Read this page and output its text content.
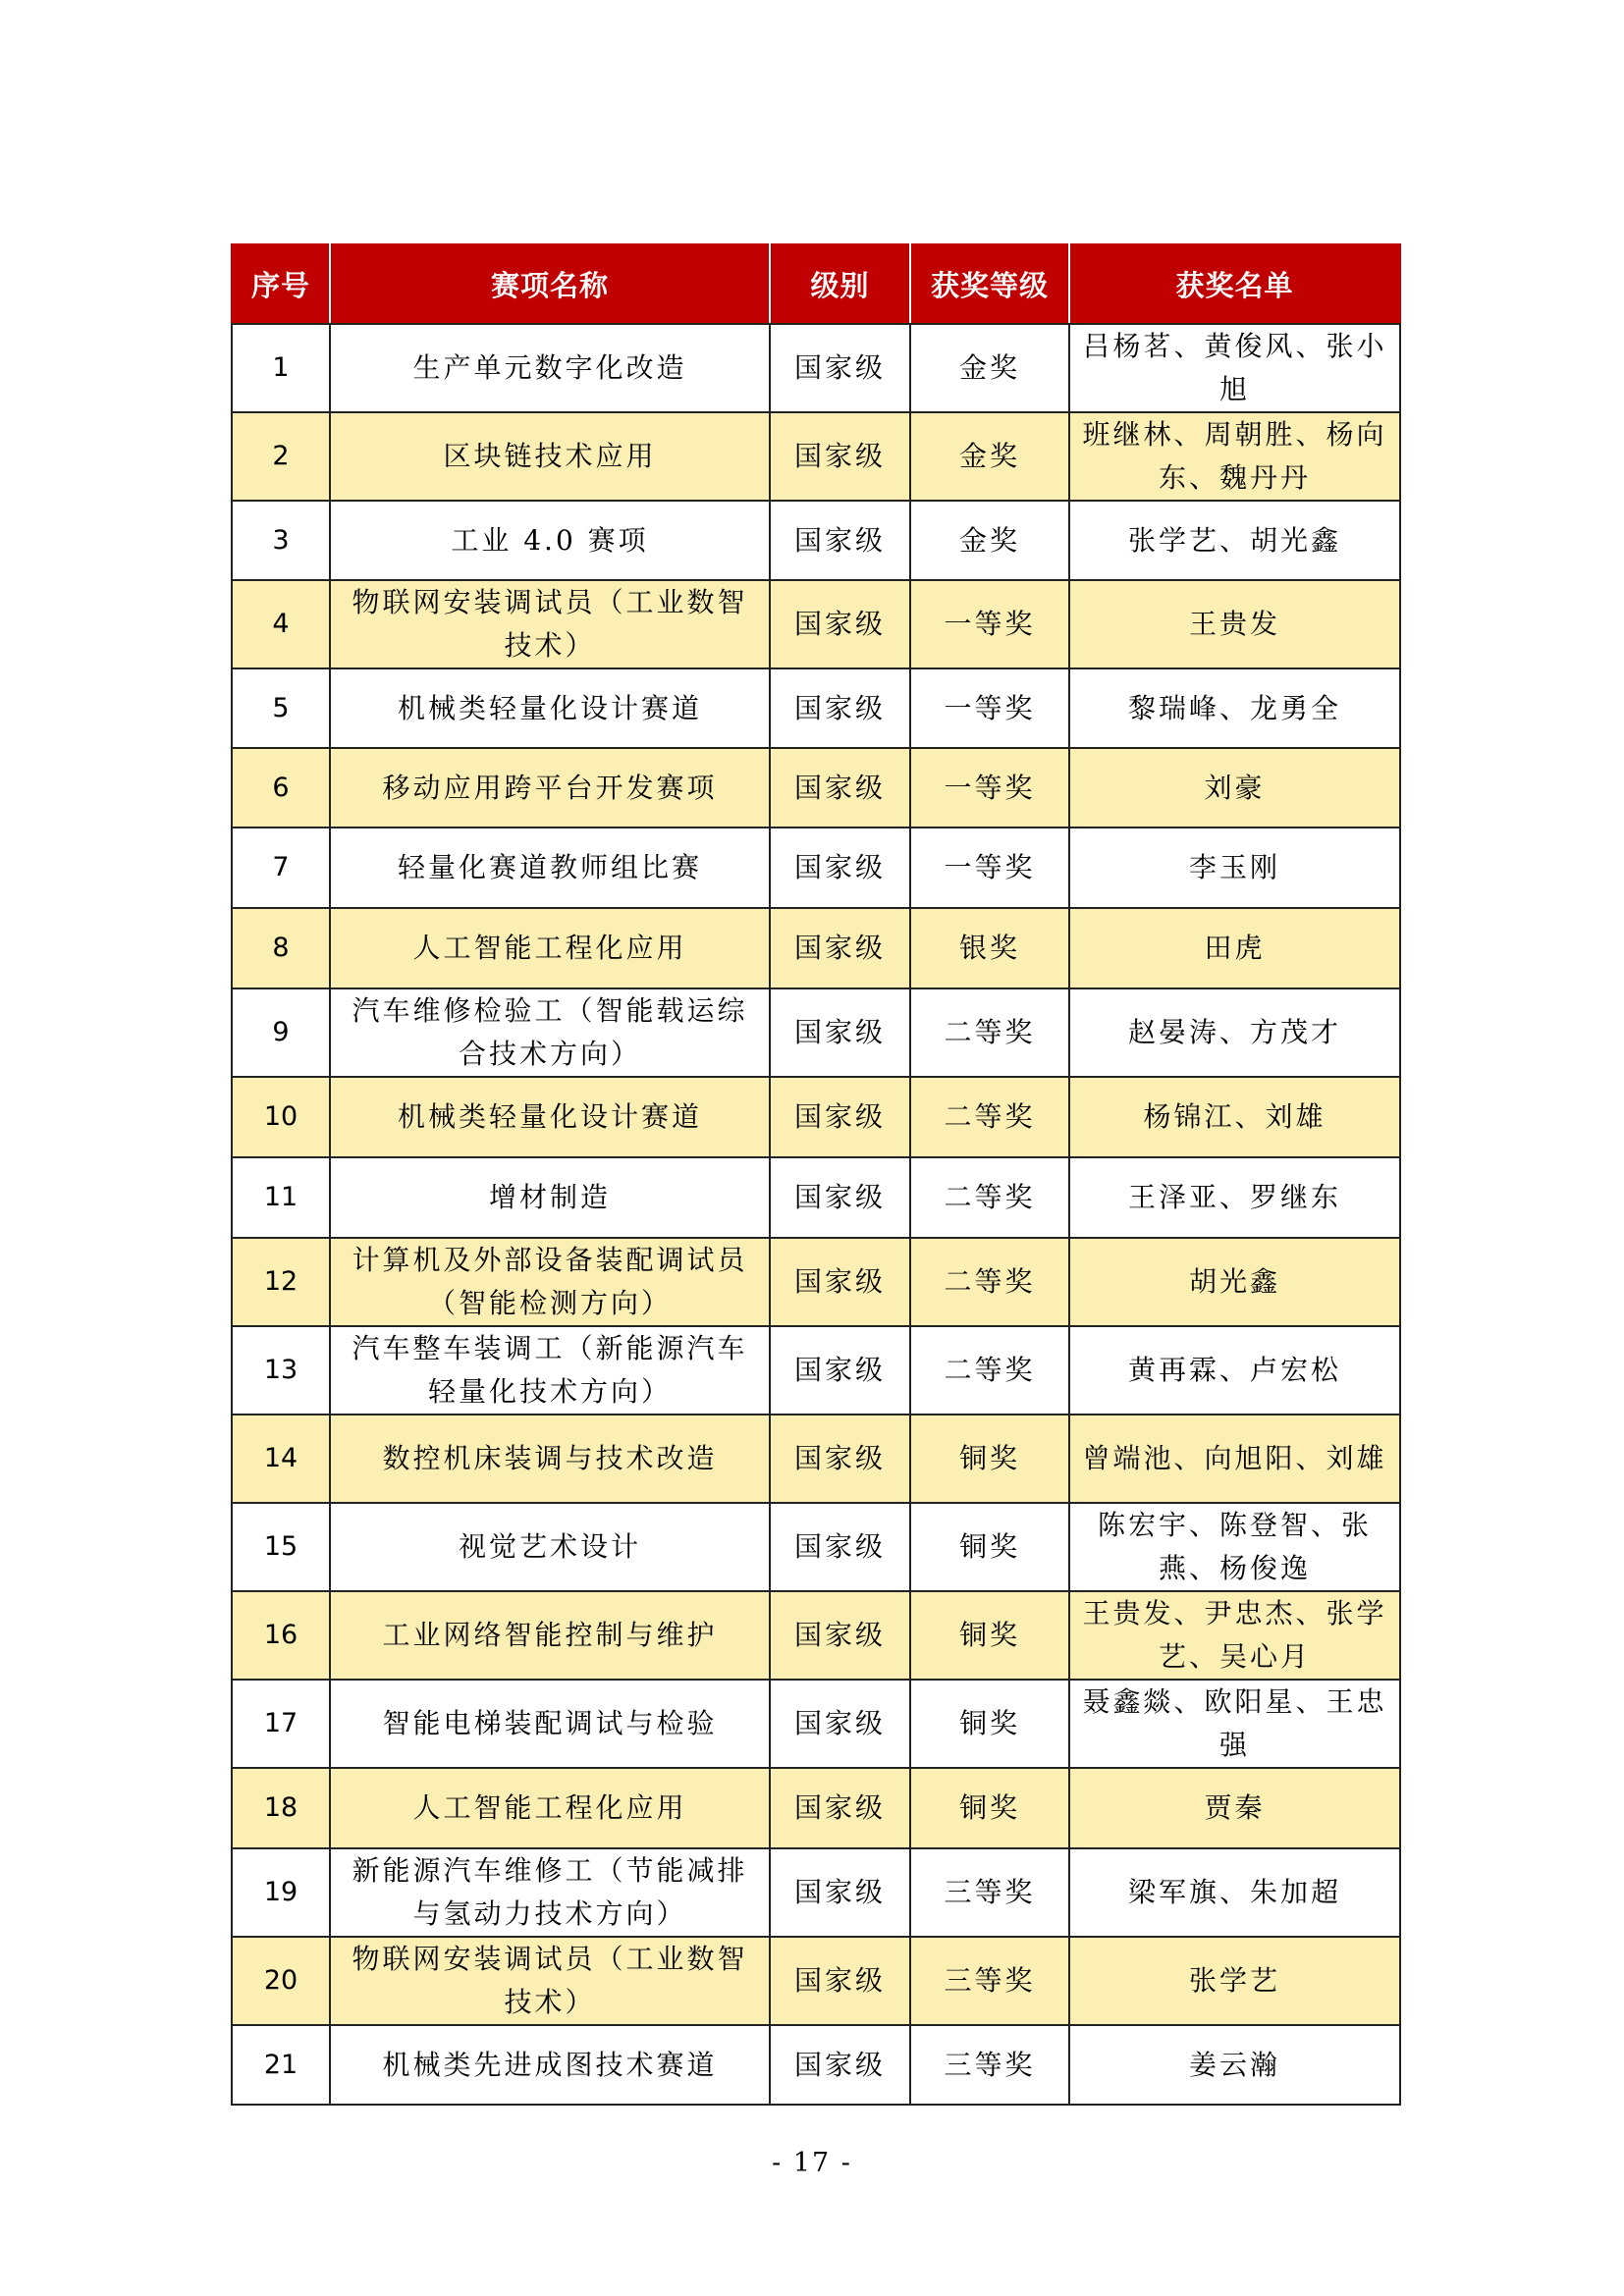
序号	赛项名称	级别	获奖等级	获奖名单
1	生产单元数字化改造	国家级	金奖	吕杨茗、黄俊风、张小旭
2	区块链技术应用	国家级	金奖	班继林、周朝胜、杨向东、魏丹丹
3	工业 4.0 赛项	国家级	金奖	张学艺、胡光鑫
4	物联网安装调试员（工业数智技术）	国家级	一等奖	王贵发
5	机械类轻量化设计赛道	国家级	一等奖	黎瑞峰、龙勇全
6	移动应用跨平台开发赛项	国家级	一等奖	刘豪
7	轻量化赛道教师组比赛	国家级	一等奖	李玉刚
8	人工智能工程化应用	国家级	银奖	田虎
9	汽车维修检验工（智能载运综合技术方向）	国家级	二等奖	赵晏涛、方茂才
10	机械类轻量化设计赛道	国家级	二等奖	杨锦江、刘雄
11	增材制造	国家级	二等奖	王泽亚、罗继东
12	计算机及外部设备装配调试员（智能检测方向）	国家级	二等奖	胡光鑫
13	汽车整车装调工（新能源汽车轻量化技术方向）	国家级	二等奖	黄再霖、卢宏松
14	数控机床装调与技术改造	国家级	铜奖	曾端池、向旭阳、刘雄
15	视觉艺术设计	国家级	铜奖	陈宏宇、陈登智、张燕、杨俊逸
16	工业网络智能控制与维护	国家级	铜奖	王贵发、尹忠杰、张学艺、吴心月
17	智能电梯装配调试与检验	国家级	铜奖	聂鑫燚、欧阳星、王忠强
18	人工智能工程化应用	国家级	铜奖	贾秦
19	新能源汽车维修工（节能减排与氢动力技术方向）	国家级	三等奖	梁军旗、朱加超
20	物联网安装调试员（工业数智技术）	国家级	三等奖	张学艺
21	机械类先进成图技术赛道	国家级	三等奖	姜云瀚
- 17 -
